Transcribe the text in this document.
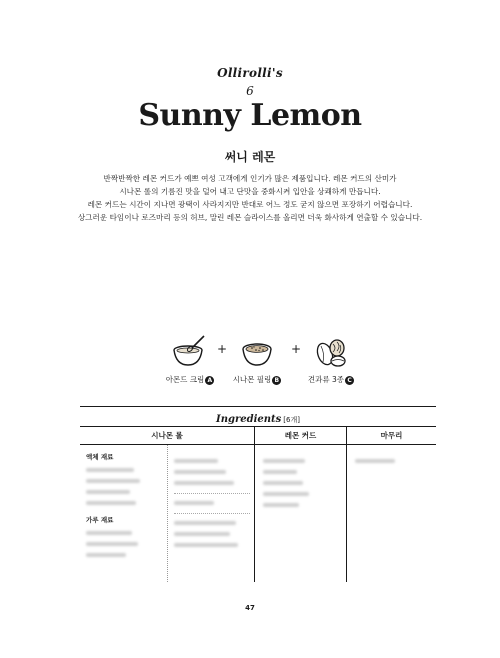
Ollirolli's
6
Sunny Lemon
써니 레몬
반짝반짝한 레몬 커드가 예쁘 여성 고객에게 인기가 많은 제품입니다. 레몬 커드의 산미가
시나몬 롤의 기름진 맛을 덜어 내고 단맛을 중화시켜 입안을 상쾌하게 만듭니다.
레몬 커드는 시간이 지나면 광택이 사라지지만 반대로 어느 정도 굳지 않으면 포장하기 어렵습니다.
상그러운 타임이나 로즈마리 등의 허브, 말린 레몬 슬라이스를 올리면 더욱 화사하게 연출할 수 있습니다.
아몬드 크림 A
+
시나몬 필링 B
+
견과류 3종 C
Ingredients [6개]
시나몬 롤	레몬 커드	마무리
액체 재료
가루 재료
47
